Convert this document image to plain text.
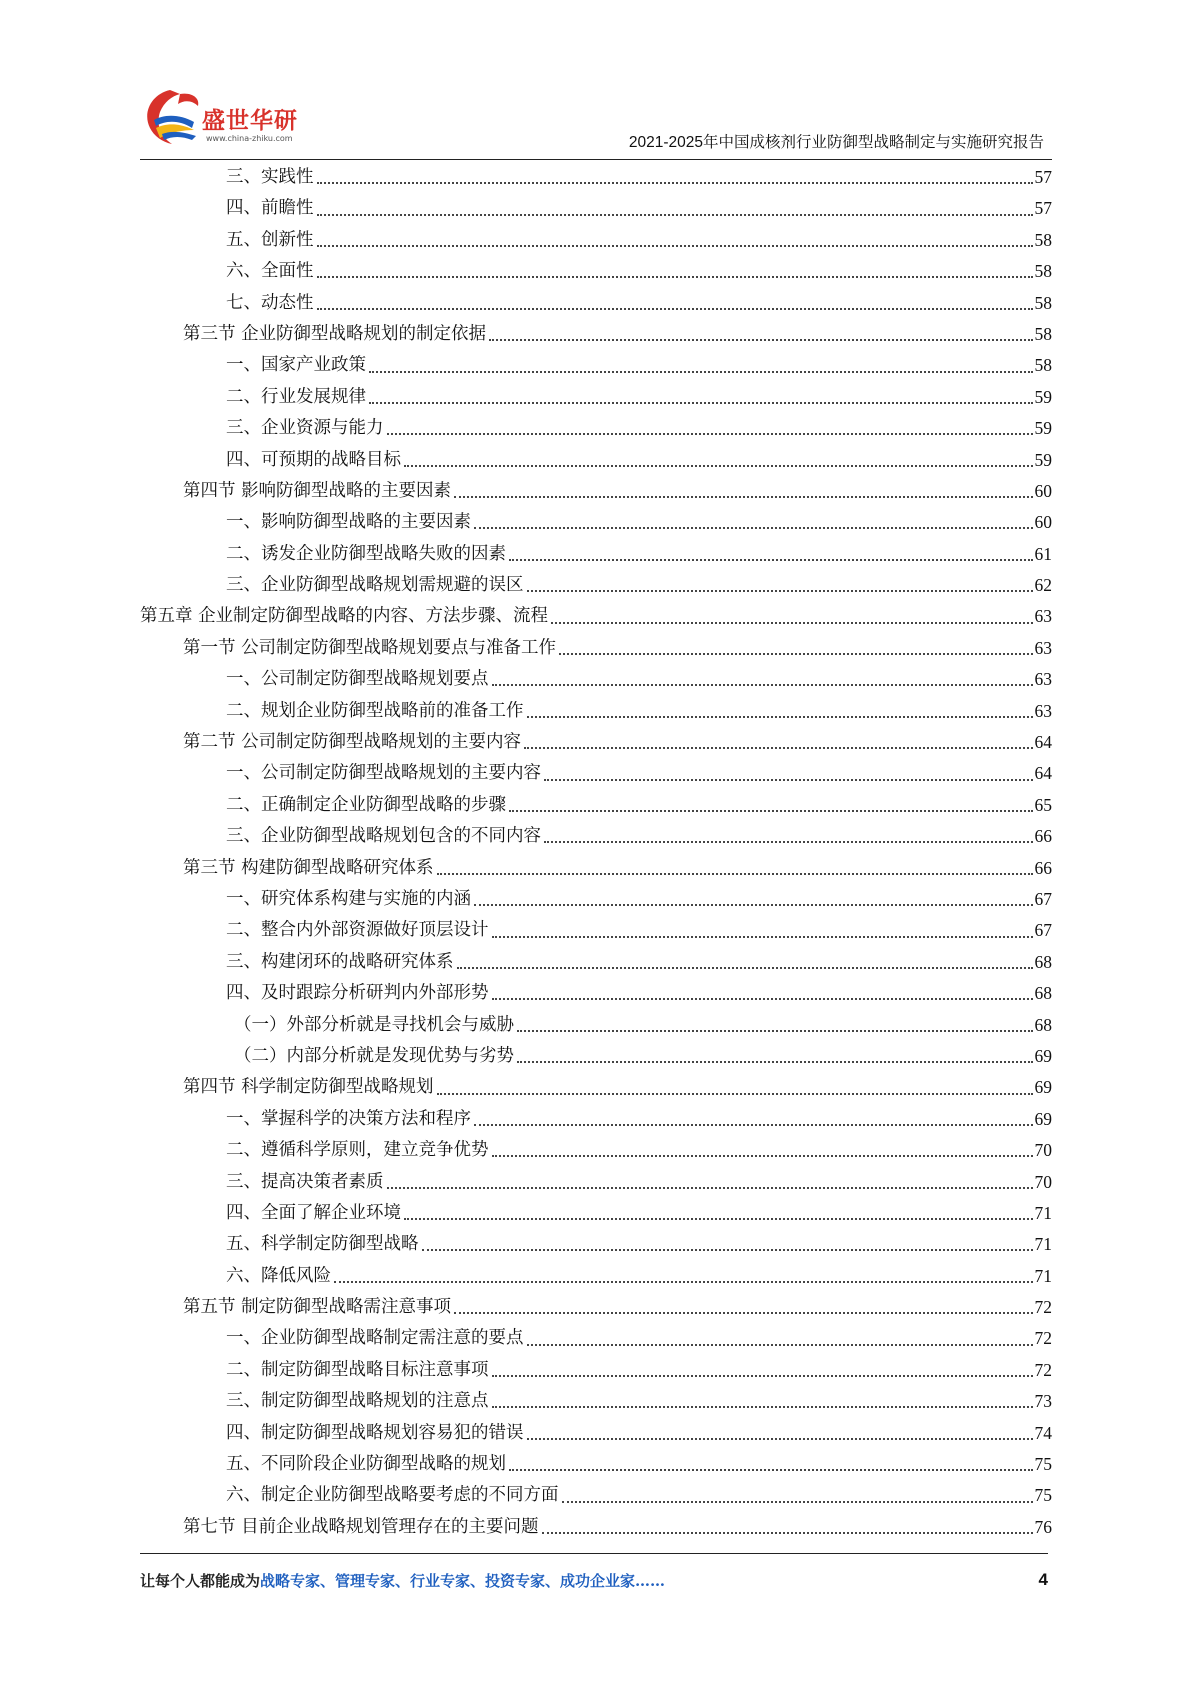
盛世华研
www.china-zhiku.com	2021-2025年中国成核剂行业防御型战略制定与实施研究报告
三、实践性	57
四、前瞻性	57
五、创新性	58
六、全面性	58
七、动态性	58
第三节 企业防御型战略规划的制定依据	58
一、国家产业政策	58
二、行业发展规律	59
三、企业资源与能力	59
四、可预期的战略目标	59
第四节 影响防御型战略的主要因素	60
一、影响防御型战略的主要因素	60
二、诱发企业防御型战略失败的因素	61
三、企业防御型战略规划需规避的误区	62
第五章 企业制定防御型战略的内容、方法步骤、流程	63
第一节 公司制定防御型战略规划要点与准备工作	63
一、公司制定防御型战略规划要点	63
二、规划企业防御型战略前的准备工作	63
第二节 公司制定防御型战略规划的主要内容	64
一、公司制定防御型战略规划的主要内容	64
二、正确制定企业防御型战略的步骤	65
三、企业防御型战略规划包含的不同内容	66
第三节 构建防御型战略研究体系	66
一、研究体系构建与实施的内涵	67
二、整合内外部资源做好顶层设计	67
三、构建闭环的战略研究体系	68
四、及时跟踪分析研判内外部形势	68
（一）外部分析就是寻找机会与威胁	68
（二）内部分析就是发现优势与劣势	69
第四节 科学制定防御型战略规划	69
一、掌握科学的决策方法和程序	69
二、遵循科学原则，建立竞争优势	70
三、提高决策者素质	70
四、全面了解企业环境	71
五、科学制定防御型战略	71
六、降低风险	71
第五节 制定防御型战略需注意事项	72
一、企业防御型战略制定需注意的要点	72
二、制定防御型战略目标注意事项	72
三、制定防御型战略规划的注意点	73
四、制定防御型战略规划容易犯的错误	74
五、不同阶段企业防御型战略的规划	75
六、制定企业防御型战略要考虑的不同方面	75
第七节 目前企业战略规划管理存在的主要问题	76
让每个人都能成为战略专家、管理专家、行业专家、投资专家、成功企业家……	4
